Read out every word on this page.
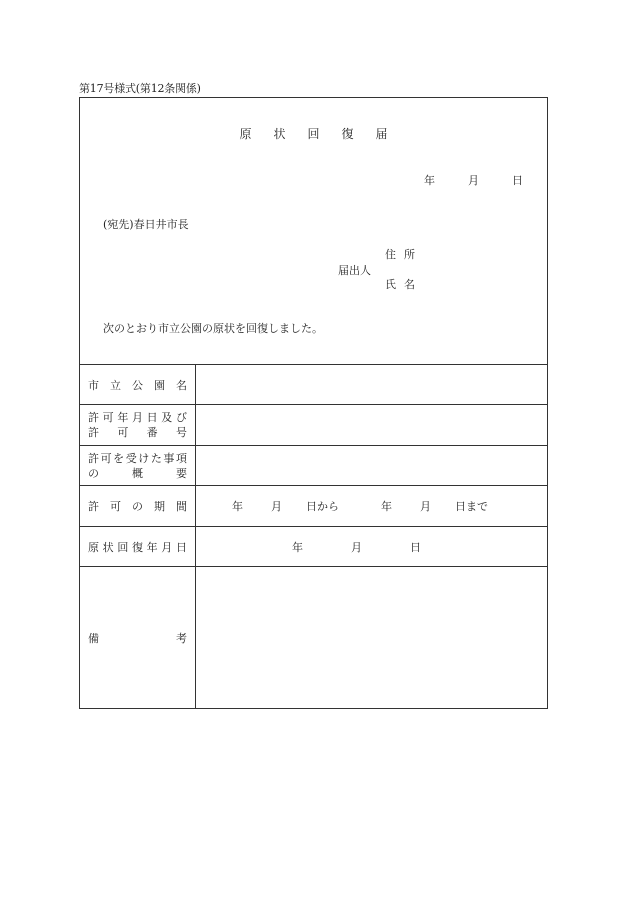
第17号様式(第12条関係)
原状回復届
年	月	日
(宛先)春日井市長
住所
届出人
氏名
次のとおり市立公園の原状を回復しました。
市 立 公 園 名
許 可 年 月 日 及 び
許 可 番 号
許 可 を 受 け た 事 項
の	概	要
許 可 の 期 間	年	月 日から	年	月 日まで
原 状 回 復 年 月 日	年	月	日
備	考
